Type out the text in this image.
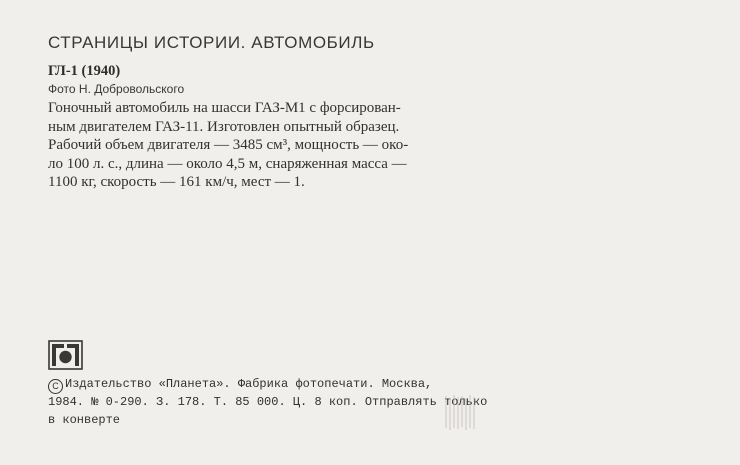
СТРАНИЦЫ ИСТОРИИ. АВТОМОБИЛЬ
ГЛ-1 (1940)
Фото Н. Добровольского
Гоночный автомобиль на шасси ГАЗ-М1 с форсирован-
ным двигателем ГАЗ-11. Изготовлен опытный образец.
Рабочий объем двигателя — 3485 см³, мощность — око-
ло 100 л. с., длина — около 4,5 м, снаряженная масса —
1100 кг, скорость — 161 км/ч, мест — 1.
C Издательство «Планета». Фабрика фотопечати. Москва,
1984. № 0-290. З. 178. Т. 85 000. Ц. 8 коп. Отправлять только
в конверте
